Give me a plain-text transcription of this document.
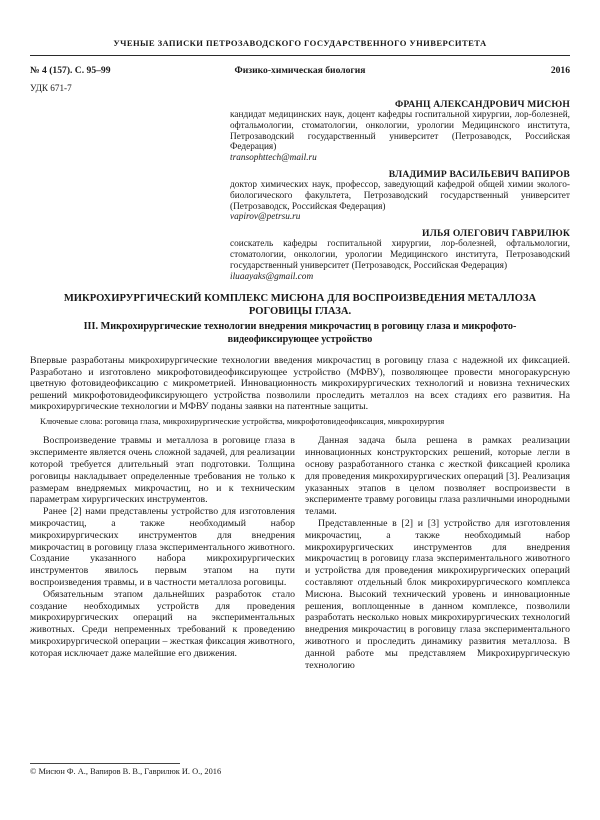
УЧЕНЫЕ ЗАПИСКИ ПЕТРОЗАВОДСКОГО ГОСУДАРСТВЕННОГО УНИВЕРСИТЕТА
№ 4 (157). С. 95–99	Физико-химическая биология	2016
УДК 671-7
ФРАНЦ АЛЕКСАНДРОВИЧ МИСЮН
кандидат медицинских наук, доцент кафедры госпитальной хирургии, лор-болезней, офтальмологии, стоматологии, онкологии, урологии Медицинского института, Петрозаводский государственный университет (Петрозаводск, Российская Федерация)
transophttech@mail.ru
ВЛАДИМИР ВАСИЛЬЕВИЧ ВАПИРОВ
доктор химических наук, профессор, заведующий кафедрой общей химии эколого-биологического факультета, Петрозаводский государственный университет (Петрозаводск, Российская Федерация)
vapirov@petrsu.ru
ИЛЬЯ ОЛЕГОВИЧ ГАВРИЛЮК
соискатель кафедры госпитальной хирургии, лор-болезней, офтальмологии, стоматологии, онкологии, урологии Медицинского института, Петрозаводский государственный университет (Петрозаводск, Российская Федерация)
iluaayaks@gmail.com
МИКРОХИРУРГИЧЕСКИЙ КОМПЛЕКС МИСЮНА ДЛЯ ВОСПРОИЗВЕДЕНИЯ МЕТАЛЛОЗА РОГОВИЦЫ ГЛАЗА.
III. Микрохирургические технологии внедрения микрочастиц в роговицу глаза и микрофото-видеофиксирующее устройство

Впервые разработаны микрохирургические технологии введения микрочастиц в роговицу глаза с надежной их фиксацией. Разработано и изготовлено микрофотовидеофиксирующее устройство (МФВУ), позволяющее провести многоракурсную цветную фотовидеофиксацию с микрометрией. Инновационность микрохирургических технологий и новизна технических решений микрофотовидеофиксирующего устройства позволили проследить металлоз на всех стадиях его развития. На микрохирургические технологии и МФВУ поданы заявки на патентные защиты.

Ключевые слова: роговица глаза, микрохирургические устройства, микрофотовидеофиксация, микрохирургия

Воспроизведение травмы и металлоза в роговице глаза в эксперименте является очень сложной задачей, для реализации которой требуется длительный этап подготовки. Толщина роговицы накладывает определенные требования не только к размерам внедряемых микрочастиц, но и к техническим параметрам хирургических инструментов.

Ранее [2] нами представлены устройство для изготовления микрочастиц, а также необходимый набор микрохирургических инструментов для внедрения микрочастиц в роговицу глаза экспериментального животного. Создание указанного набора микрохирургических инструментов явилось первым этапом на пути воспроизведения травмы, и в частности металлоза роговицы.

Обязательным этапом дальнейших разработок стало создание необходимых устройств для проведения микрохирургических операций на экспериментальных животных. Среди непременных требований к проведению микрохирургической операции – жесткая фиксация животного, которая исключает даже малейшие его движения.

Данная задача была решена в рамках реализации инновационных конструкторских решений, которые легли в основу разработанного станка с жесткой фиксацией кролика для проведения микрохирургических операций [3]. Реализация указанных этапов в целом позволяет воспроизвести в эксперименте травму роговицы глаза различными инородными телами.

Представленные в [2] и [3] устройство для изготовления микрочастиц, а также необходимый набор микрохирургических инструментов для внедрения микрочастиц в роговицу глаза экспериментального животного и устройства для проведения микрохирургических операций составляют отдельный блок микрохирургического комплекса Мисюна. Высокий технический уровень и инновационные решения, воплощенные в данном комплексе, позволили разработать несколько новых микрохирургических технологий внедрения микрочастиц в роговицу глаза экспериментального животного и проследить динамику развития металлоза. В данной работе мы представляем Микрохирургическую технологию

© Мисюн Ф. А., Вапиров В. В., Гаврилюк И. О., 2016
